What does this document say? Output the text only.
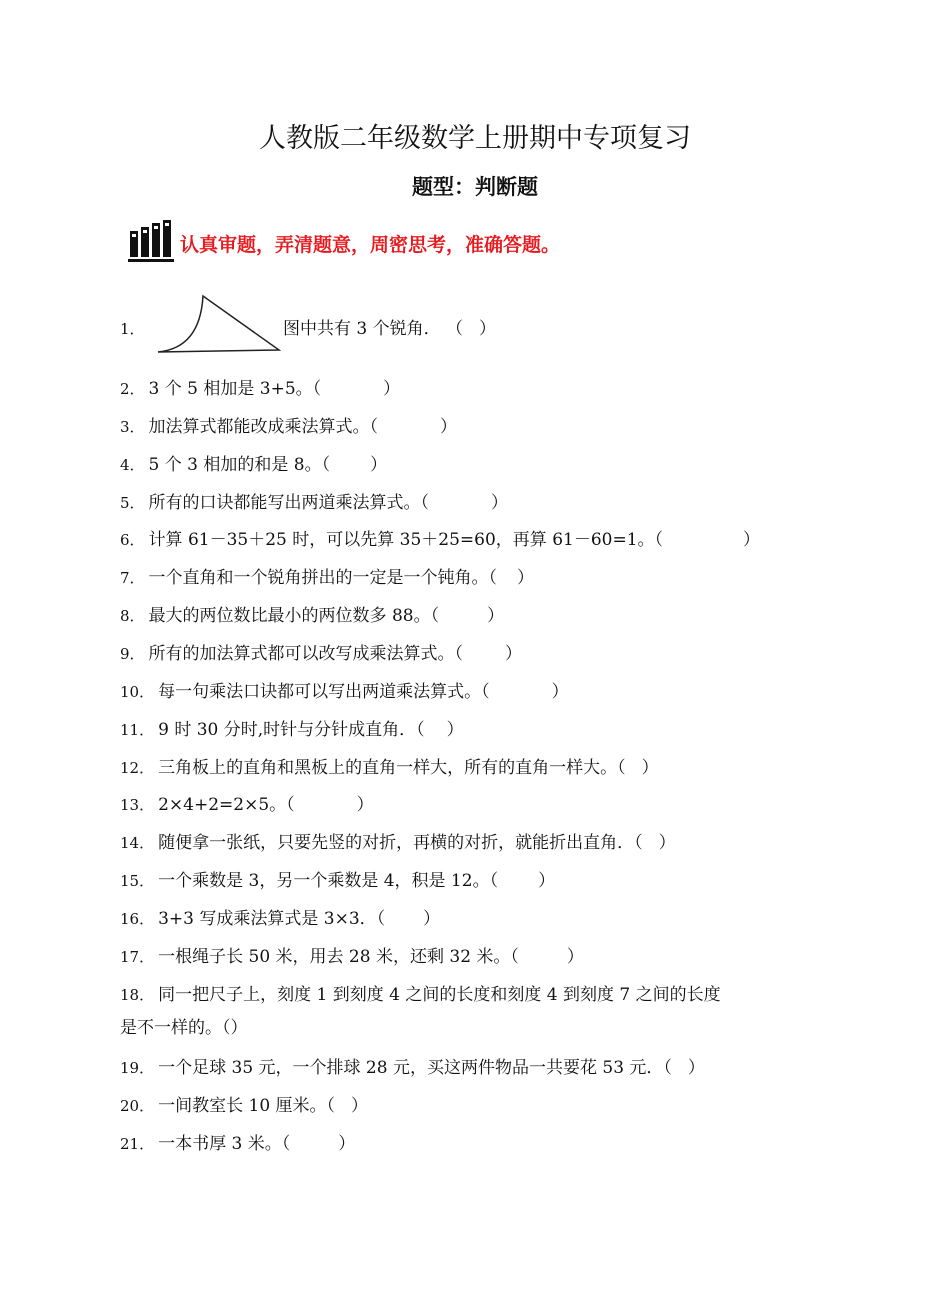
人教版二年级数学上册期中专项复习
题型：判断题
认真审题，弄清题意，周密思考，准确答题。
1．	图中共有 3 个锐角． （ ）
2． 3 个 5 相加是 3+5。（	）
3． 加法算式都能改成乘法算式。（	）
4． 5 个 3 相加的和是 8。（ ）
5． 所有的口诀都能写出两道乘法算式。（	）
6． 计算 61－35＋25 时，可以先算 35＋25=60，再算 61－60=1。（	）
7． 一个直角和一个锐角拼出的一定是一个钝角。（ ）
8． 最大的两位数比最小的两位数多 88。（	）
9． 所有的加法算式都可以改写成乘法算式。（ ）
10． 每一句乘法口诀都可以写出两道乘法算式。（	）
11． 9 时 30 分时,时针与分针成直角．（ ）
12． 三角板上的直角和黑板上的直角一样大，所有的直角一样大。（ ）
13． 2×4+2=2×5。（	）
14． 随便拿一张纸，只要先竖的对折，再横的对折，就能折出直角．（ ）
15． 一个乘数是 3，另一个乘数是 4，积是 12。（ ）
16． 3+3 写成乘法算式是 3×3．（ ）
17． 一根绳子长 50 米，用去 28 米，还剩 32 米。（	）
18． 同一把尺子上，刻度 1 到刻度 4 之间的长度和刻度 4 到刻度 7 之间的长度
是不一样的。（）
19． 一个足球 35 元，一个排球 28 元，买这两件物品一共要花 53 元．（ ）
20． 一间教室长 10 厘米。（ ）
21． 一本书厚 3 米。（	）
